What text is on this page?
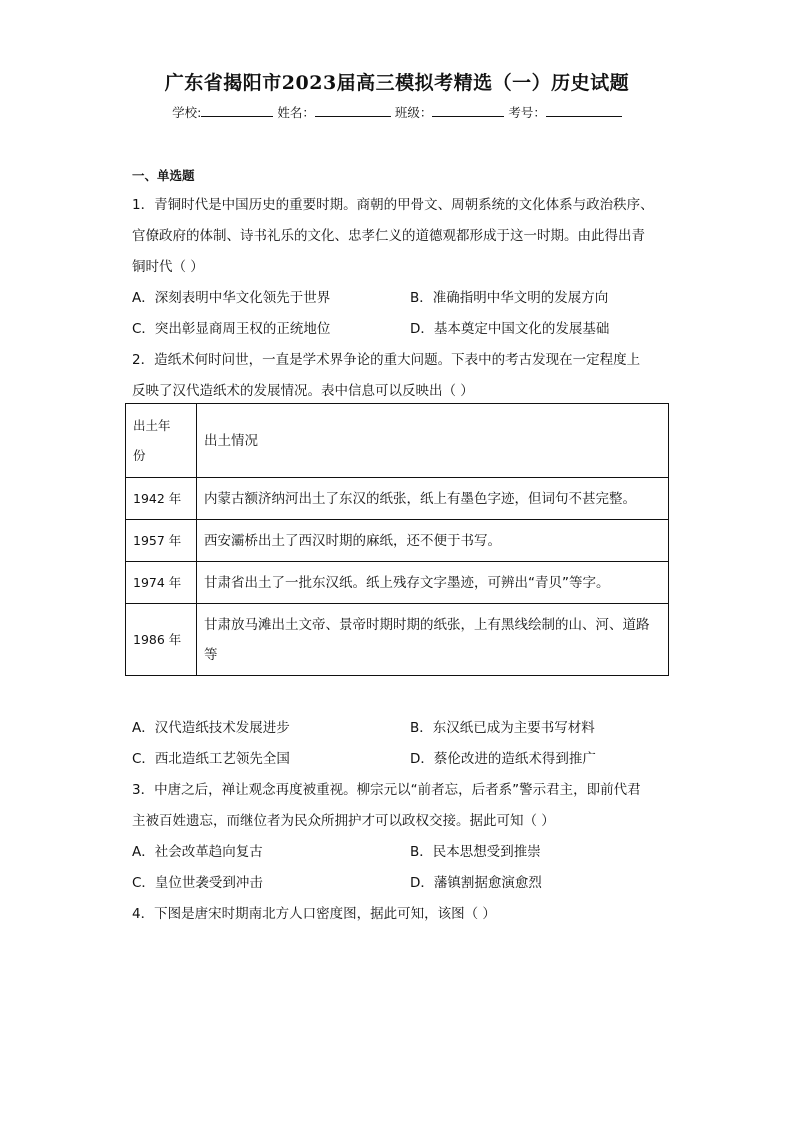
广东省揭阳市2023届高三模拟考精选（一）历史试题
学校:	姓名：	班级：	考号：
一、单选题
1．青铜时代是中国历史的重要时期。商朝的甲骨文、周朝系统的文化体系与政治秩序、
官僚政府的体制、诗书礼乐的文化、忠孝仁义的道德观都形成于这一时期。由此得出青
铜时代（ ）
A．深刻表明中华文化领先于世界	B．准确指明中华文明的发展方向
C．突出彰显商周王权的正统地位	D．基本奠定中国文化的发展基础
2．造纸术何时问世，一直是学术界争论的重大问题。下表中的考古发现在一定程度上
反映了汉代造纸术的发展情况。表中信息可以反映出（ ）
出土年
份	出土情况
1942 年	内蒙古额济纳河出土了东汉的纸张，纸上有墨色字迹，但词句不甚完整。
1957 年	西安灞桥出土了西汉时期的麻纸，还不便于书写。
1974 年	甘肃省出土了一批东汉纸。纸上残存文字墨迹，可辨出“青贝”等字。
1986 年	甘肃放马滩出土文帝、景帝时期时期的纸张，上有黑线绘制的山、河、道路
等
A．汉代造纸技术发展进步	B．东汉纸已成为主要书写材料
C．西北造纸工艺领先全国	D．蔡伦改进的造纸术得到推广
3．中唐之后，禅让观念再度被重视。柳宗元以“前者忘，后者系”警示君主，即前代君
主被百姓遗忘，而继位者为民众所拥护才可以政权交接。据此可知（ ）
A．社会改革趋向复古	B．民本思想受到推崇
C．皇位世袭受到冲击	D．藩镇割据愈演愈烈
4．下图是唐宋时期南北方人口密度图，据此可知，该图（ ）
